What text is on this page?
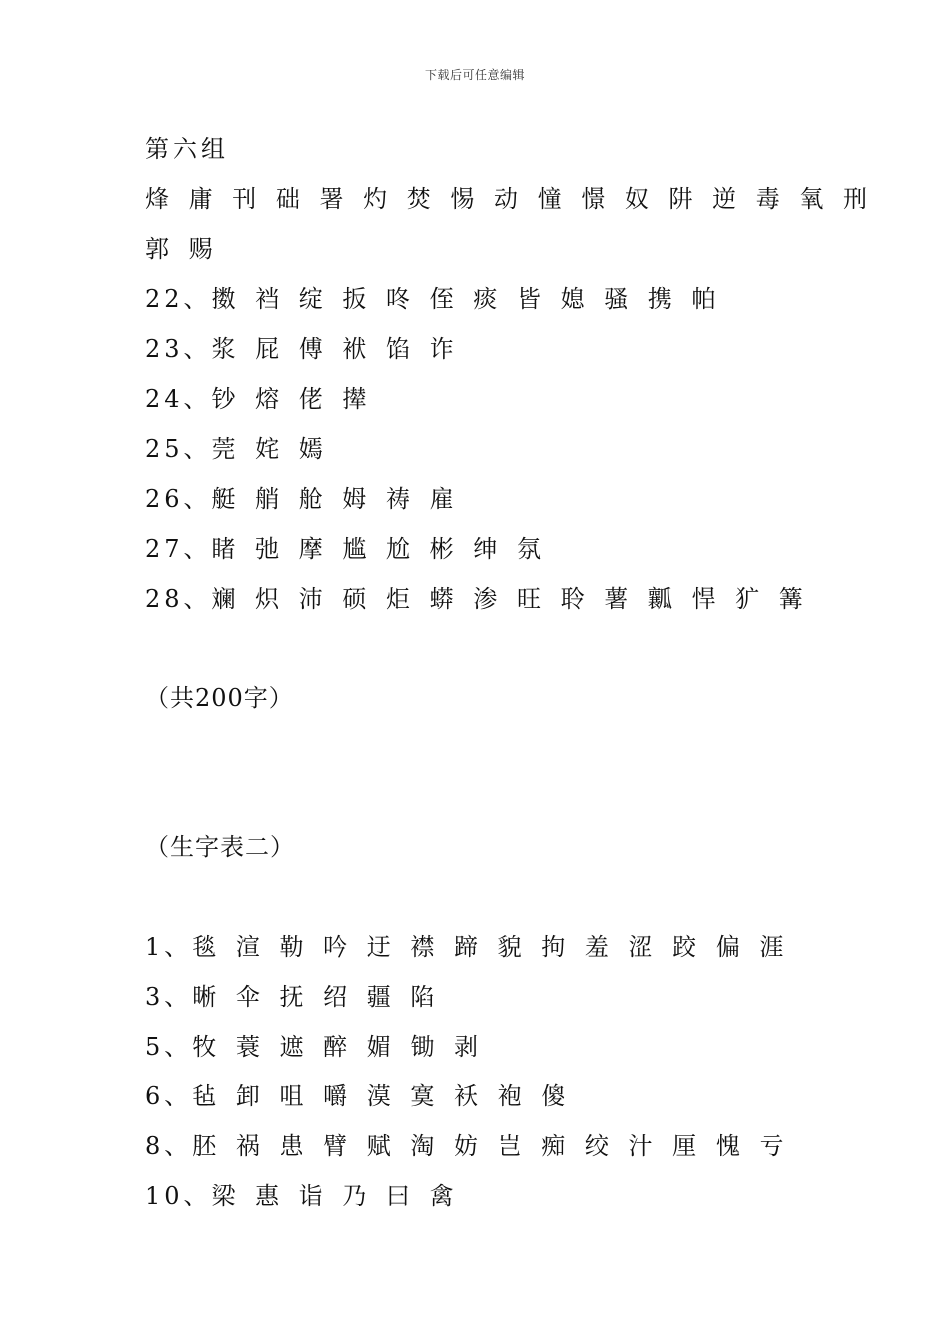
下载后可任意编辑
第六组
烽 庸 刊 础 署 灼 焚 惕 动 憧 憬 奴 阱 逆 毒 氧 刑
郭 赐
22、擞 裆 绽 扳 咚 侄 痰 皆 媳 骚 携 帕
23、浆 屁 傅 袱 馅 诈
24、钞 熔 佬 撵
25、莞 姹 嫣
26、艇 艄 舱 姆 祷 雇
27、睹 弛 摩 尴 尬 彬 绅 氛
28、斓 炽 沛 硕 炬 蟒 渗 旺 聆 薯 瓤 悍 犷 篝
（共200字）
（生字表二）
1、毯 渲 勒 吟 迂 襟 蹄 貌 拘 羞 涩 跤 偏 涯
3、晰 伞 抚 绍 疆 陷
5、牧 蓑 遮 醉 媚 锄 剥
6、毡 卸 咀 嚼 漠 寞 袄 袍 傻
8、胚 祸 患 臂 赋 淘 妨 岂 痴 绞 汁 厘 愧 亏
10、梁 惠 诣 乃 曰 禽
